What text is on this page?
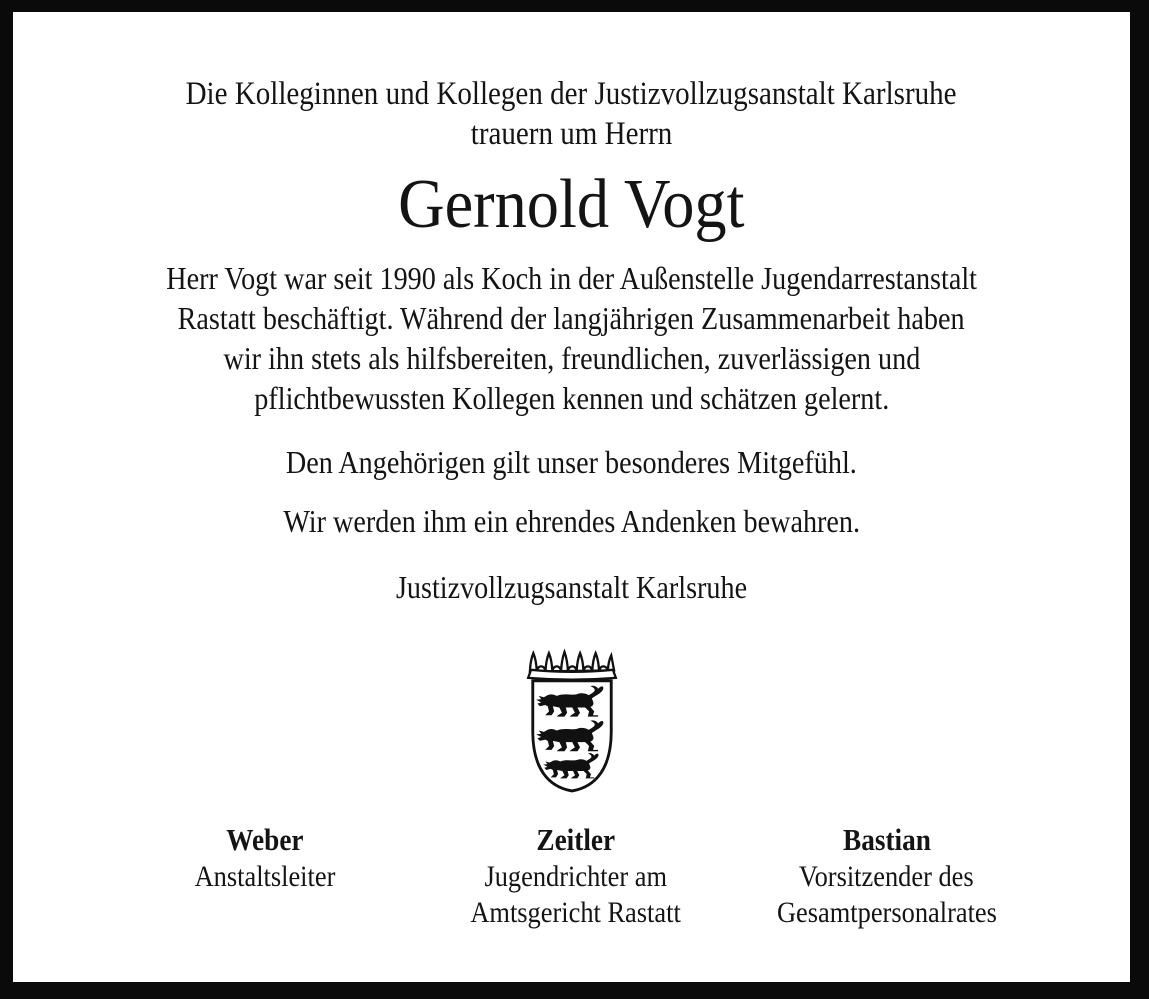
Die Kolleginnen und Kollegen der Justizvollzugsanstalt Karlsruhe
trauern um Herrn
Gernold Vogt
Herr Vogt war seit 1990 als Koch in der Außenstelle Jugendarrestanstalt
Rastatt beschäftigt. Während der langjährigen Zusammenarbeit haben
wir ihn stets als hilfsbereiten, freundlichen, zuverlässigen und
pflichtbewussten Kollegen kennen und schätzen gelernt.
Den Angehörigen gilt unser besonderes Mitgefühl.
Wir werden ihm ein ehrendes Andenken bewahren.
Justizvollzugsanstalt Karlsruhe
Weber
Anstaltsleiter
Zeitler
Jugendrichter am
Amtsgericht Rastatt
Bastian
Vorsitzender des
Gesamtpersonalrates
